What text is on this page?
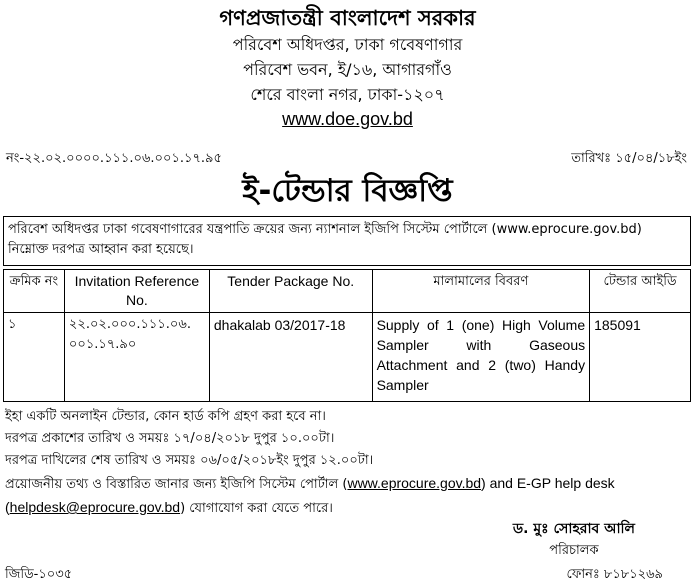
গণপ্রজাতন্ত্রী বাংলাদেশ সরকার
পরিবেশ অধিদপ্তর, ঢাকা গবেষণাগার
পরিবেশ ভবন, ই/১৬, আগারগাঁও
শেরে বাংলা নগর, ঢাকা-১২০৭
www.doe.gov.bd
নং-২২.০২.০০০০.১১১.০৬.০০১.১৭.৯৫	তারিখঃ ১৫/০৪/১৮ইং
ই-টেন্ডার বিজ্ঞপ্তি
পরিবেশ অধিদপ্তর ঢাকা গবেষণাগারের যন্ত্রপাতি ক্রয়ের জন্য ন্যাশনাল ইজিপি সিস্টেম পোর্টালে (www.eprocure.gov.bd) নিম্নোক্ত দরপত্র আহ্বান করা হয়েছে।
ক্রমিক নং	Invitation Reference No.	Tender Package No.	মালামালের বিবরণ	টেন্ডার আইডি
১	২২.০২.০০০.১১১.০৬. ০০১.১৭.৯০	dhakalab 03/2017-18	Supply of 1 (one) High Volume Sampler with Gaseous Attachment and 2 (two) Handy Sampler	185091
ইহা একটি অনলাইন টেন্ডার, কোন হার্ড কপি গ্রহণ করা হবে না।
দরপত্র প্রকাশের তারিখ ও সময়ঃ ১৭/০৪/২০১৮ দুপুর ১০.০০টা।
দরপত্র দাখিলের শেষ তারিখ ও সময়ঃ ০৬/০৫/২০১৮ইং দুপুর ১২.০০টা।
প্রয়োজনীয় তথ্য ও বিস্তারিত জানার জন্য ইজিপি সিস্টেম পোর্টাল (www.eprocure.gov.bd) and E-GP help desk
(helpdesk@eprocure.gov.bd) যোগাযোগ করা যেতে পারে।
ড. মুঃ সোহরাব আলি
পরিচালক
জিডি-১০৩৫	ফোনঃ ৮১৮১২৬৯
